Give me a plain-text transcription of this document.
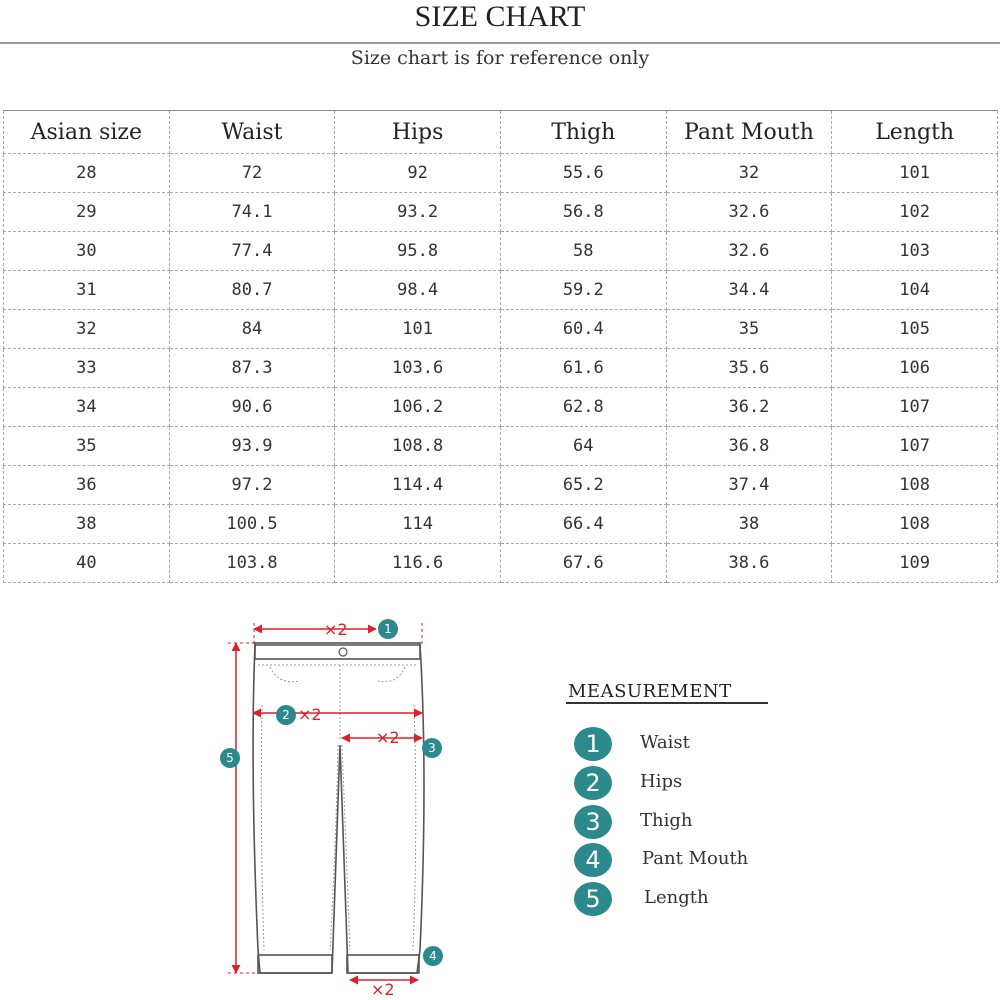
SIZE CHART
Size chart is for reference only
Asian size	Waist	Hips	Thigh	Pant Mouth	Length
28	72	92	55.6	32	101
29	74.1	93.2	56.8	32.6	102
30	77.4	95.8	58	32.6	103
31	80.7	98.4	59.2	34.4	104
32	84	101	60.4	35	105
33	87.3	103.6	61.6	35.6	106
34	90.6	106.2	62.8	36.2	107
35	93.9	108.8	64	36.8	107
36	97.2	114.4	65.2	37.4	108
38	100.5	114	66.4	38	108
40	103.8	116.6	67.6	38.6	109
×2
×2
×2
×2
1
2
3
4
5
MEASUREMENT
1	Waist
2	Hips
3	Thigh
4	Pant Mouth
5	Length
